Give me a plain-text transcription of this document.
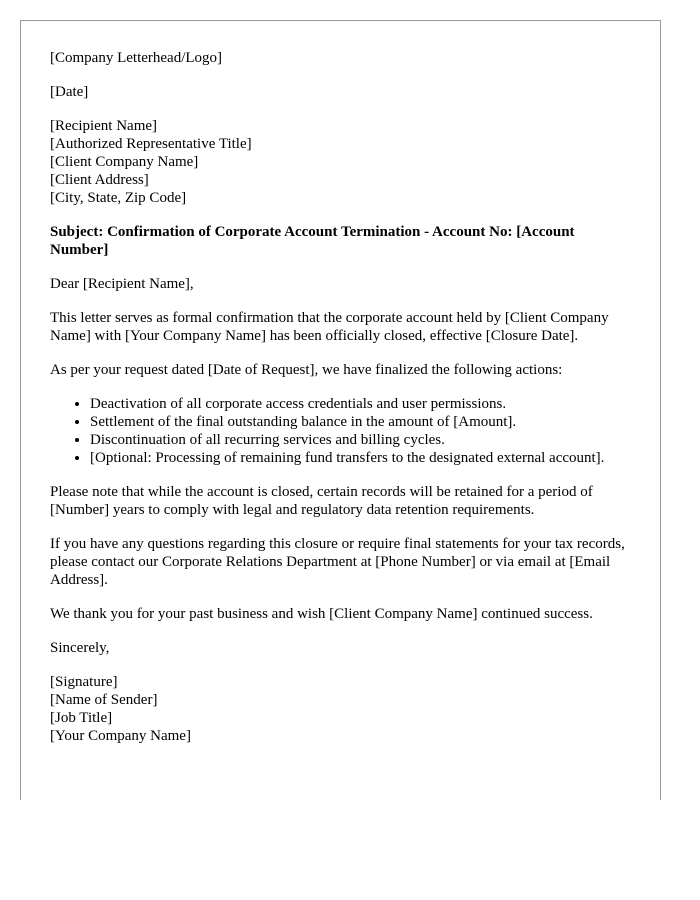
[Company Letterhead/Logo]

[Date]

[Recipient Name]
[Authorized Representative Title]
[Client Company Name]
[Client Address]
[City, State, Zip Code]

Subject: Confirmation of Corporate Account Termination - Account No: [Account Number]

Dear [Recipient Name],

This letter serves as formal confirmation that the corporate account held by [Client Company Name] with [Your Company Name] has been officially closed, effective [Closure Date].

As per your request dated [Date of Request], we have finalized the following actions:

• Deactivation of all corporate access credentials and user permissions.
• Settlement of the final outstanding balance in the amount of [Amount].
• Discontinuation of all recurring services and billing cycles.
• [Optional: Processing of remaining fund transfers to the designated external account].

Please note that while the account is closed, certain records will be retained for a period of [Number] years to comply with legal and regulatory data retention requirements.

If you have any questions regarding this closure or require final statements for your tax records, please contact our Corporate Relations Department at [Phone Number] or via email at [Email Address].

We thank you for your past business and wish [Client Company Name] continued success.

Sincerely,

[Signature]
[Name of Sender]
[Job Title]
[Your Company Name]
